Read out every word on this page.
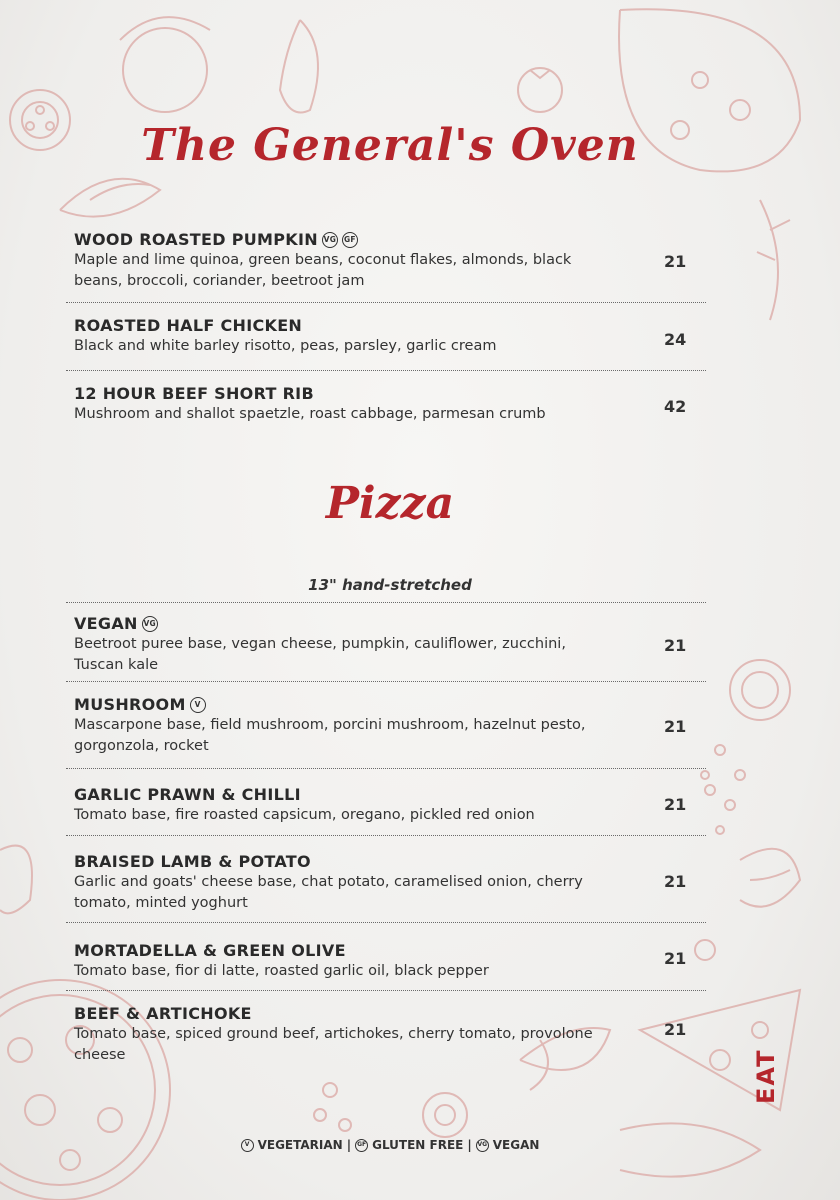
The General's Oven
WOOD ROASTED PUMPKIN VG GF
Maple and lime quinoa, green beans, coconut flakes, almonds, black beans, broccoli, coriander, beetroot jam
21
ROASTED HALF CHICKEN
Black and white barley risotto, peas, parsley, garlic cream	24
12 HOUR BEEF SHORT RIB
Mushroom and shallot spaetzle, roast cabbage, parmesan crumb	42
Pizza
13" hand-stretched
VEGAN VG
Beetroot puree base, vegan cheese, pumpkin, cauliflower, zucchini, Tuscan kale
21
MUSHROOM	V
Mascarpone base, field mushroom, porcini mushroom, hazelnut pesto, gorgonzola, rocket
21
GARLIC PRAWN & CHILLI
Tomato base, fire roasted capsicum, oregano, pickled red onion
21
BRAISED LAMB & POTATO
Garlic and goats' cheese base, chat potato, caramelised onion, cherry tomato, minted yoghurt
21
MORTADELLA & GREEN OLIVE
Tomato base, fior di latte, roasted garlic oil, black pepper
21
BEEF & ARTICHOKE
Tomato base, spiced ground beef, artichokes, cherry tomato, provolone cheese
21
V VEGETARIAN | GF GLUTEN FREE | VG VEGAN
EAT
